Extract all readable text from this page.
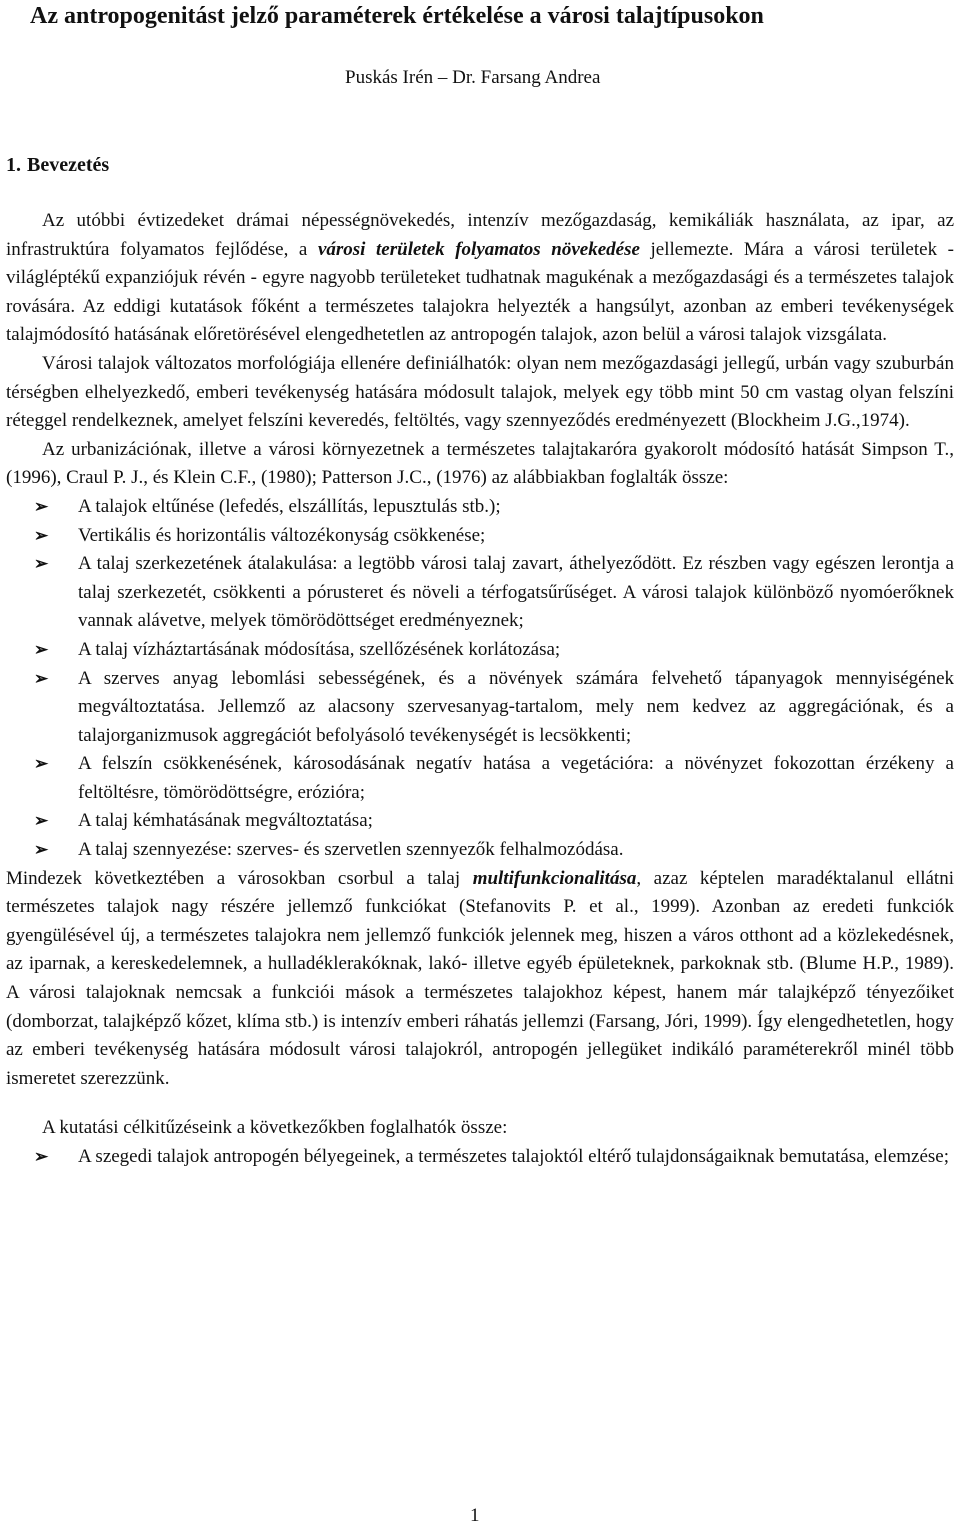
Az antropogenitást jelző paraméterek értékelése a városi talajtípusokon
Puskás Irén – Dr. Farsang Andrea
1. Bevezetés

Az utóbbi évtizedeket drámai népességnövekedés, intenzív mezőgazdaság, kemikáliák használata, az ipar, az infrastruktúra folyamatos fejlődése, a városi területek folyamatos növekedése jellemezte. Mára a városi területek - világléptékű expanziójuk révén - egyre nagyobb területeket tudhatnak magukénak a mezőgazdasági és a természetes talajok rovására. Az eddigi kutatások főként a természetes talajokra helyezték a hangsúlyt, azonban az emberi tevékenységek talajmódosító hatásának előretörésével elengedhetetlen az antropogén talajok, azon belül a városi talajok vizsgálata.

Városi talajok változatos morfológiája ellenére definiálhatók: olyan nem mezőgazdasági jellegű, urbán vagy szuburbán térségben elhelyezkedő, emberi tevékenység hatására módosult talajok, melyek egy több mint 50 cm vastag olyan felszíni réteggel rendelkeznek, amelyet felszíni keveredés, feltöltés, vagy szennyeződés eredményezett (Blockheim J.G.,1974).

Az urbanizációnak, illetve a városi környezetnek a természetes talajtakaróra gyakorolt módosító hatását Simpson T., (1996), Craul P. J., és Klein C.F., (1980); Patterson J.C., (1976) az alábbiakban foglalták össze:

➢ A talajok eltűnése (lefedés, elszállítás, lepusztulás stb.);
➢ Vertikális és horizontális változékonyság csökkenése;
➢ A talaj szerkezetének átalakulása: a legtöbb városi talaj zavart, áthelyeződött. Ez részben vagy egészen lerontja a talaj szerkezetét, csökkenti a pórusteret és növeli a térfogatsűrűséget. A városi talajok különböző nyomóerőknek vannak alávetve, melyek tömörödöttséget eredményeznek;
➢ A talaj vízháztartásának módosítása, szellőzésének korlátozása;
➢ A szerves anyag lebomlási sebességének, és a növények számára felvehető tápanyagok mennyiségének megváltoztatása. Jellemző az alacsony szervesanyag-tartalom, mely nem kedvez az aggregációnak, és a talajorganizmusok aggregációt befolyásoló tevékenységét is lecsökkenti;
➢ A felszín csökkenésének, károsodásának negatív hatása a vegetációra: a növényzet fokozottan érzékeny a feltöltésre, tömörödöttségre, erózióra;
➢ A talaj kémhatásának megváltoztatása;
➢ A talaj szennyezése: szerves- és szervetlen szennyezők felhalmozódása.

Mindezek következtében a városokban csorbul a talaj multifunkcionalitása, azaz képtelen maradéktalanul ellátni természetes talajok nagy részére jellemző funkciókat (Stefanovits P. et al., 1999). Azonban az eredeti funkciók gyengülésével új, a természetes talajokra nem jellemző funkciók jelennek meg, hiszen a város otthont ad a közlekedésnek, az iparnak, a kereskedelemnek, a hulladéklerakóknak, lakó- illetve egyéb épületeknek, parkoknak stb. (Blume H.P., 1989). A városi talajoknak nemcsak a funkciói mások a természetes talajokhoz képest, hanem már talajképző tényezőiket (domborzat, talajképző kőzet, klíma stb.) is intenzív emberi ráhatás jellemzi (Farsang, Jóri, 1999). Így elengedhetetlen, hogy az emberi tevékenység hatására módosult városi talajokról, antropogén jellegüket indikáló paraméterekről minél több ismeretet szerezzünk.

A kutatási célkitűzéseink a következőkben foglalhatók össze:

➢ A szegedi talajok antropogén bélyegeinek, a természetes talajoktól eltérő tulajdonságaiknak bemutatása, elemzése;
1
